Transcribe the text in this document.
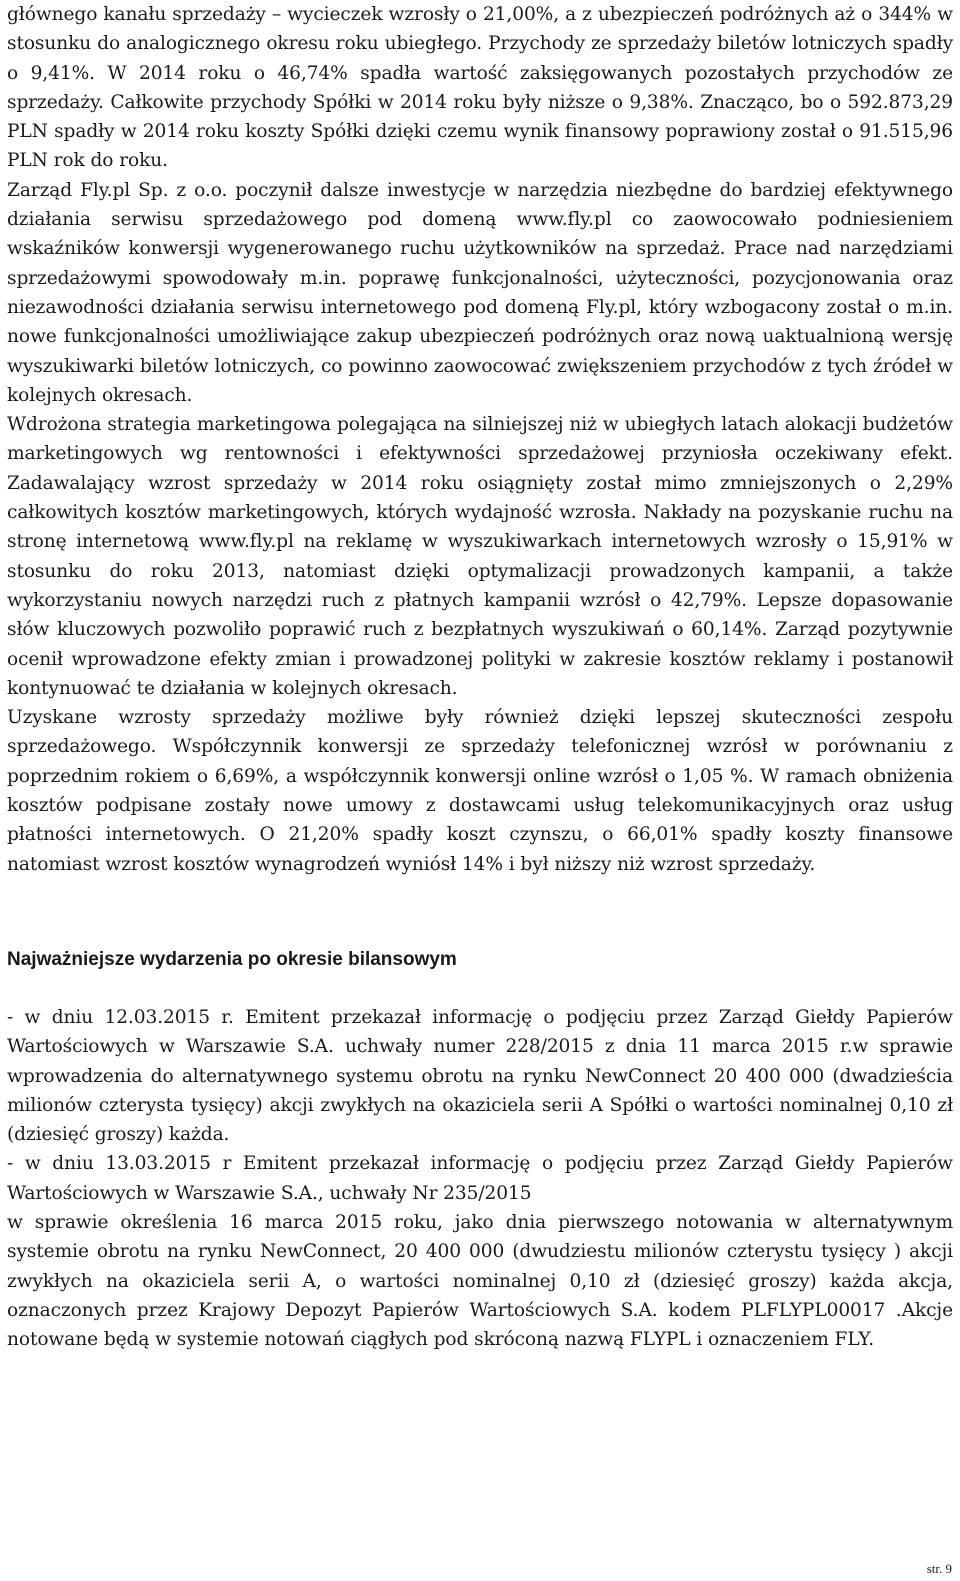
głównego kanału sprzedaży – wycieczek wzrosły o 21,00%, a z ubezpieczeń podróżnych aż o 344% w stosunku do analogicznego okresu roku ubiegłego. Przychody ze sprzedaży biletów lotniczych spadły o 9,41%. W 2014 roku o 46,74% spadła wartość zaksięgowanych pozostałych przychodów ze sprzedaży. Całkowite przychody Spółki w 2014 roku były niższe o 9,38%. Znacząco, bo o 592.873,29 PLN spadły w 2014 roku koszty Spółki dzięki czemu wynik finansowy poprawiony został o 91.515,96 PLN rok do roku.

Zarząd Fly.pl Sp. z o.o. poczynił dalsze inwestycje w narzędzia niezbędne do bardziej efektywnego działania serwisu sprzedażowego pod domeną www.fly.pl co zaowocowało podniesieniem wskaźników konwersji wygenerowanego ruchu użytkowników na sprzedaż. Prace nad narzędziami sprzedażowymi spowodowały m.in. poprawę funkcjonalności, użyteczności, pozycjonowania oraz niezawodności działania serwisu internetowego pod domeną Fly.pl, który wzbogacony został o m.in. nowe funkcjonalności umożliwiające zakup ubezpieczeń podróżnych oraz nową uaktualnioną wersję wyszukiwarki biletów lotniczych, co powinno zaowocować zwiększeniem przychodów z tych źródeł w kolejnych okresach.

Wdrożona strategia marketingowa polegająca na silniejszej niż w ubiegłych latach alokacji budżetów marketingowych wg rentowności i efektywności sprzedażowej przyniosła oczekiwany efekt. Zadawalający wzrost sprzedaży w 2014 roku osiągnięty został mimo zmniejszonych o 2,29% całkowitych kosztów marketingowych, których wydajność wzrosła. Nakłady na pozyskanie ruchu na stronę internetową www.fly.pl na reklamę w wyszukiwarkach internetowych wzrosły o 15,91% w stosunku do roku 2013, natomiast dzięki optymalizacji prowadzonych kampanii, a także wykorzystaniu nowych narzędzi ruch z płatnych kampanii wzrósł o 42,79%. Lepsze dopasowanie słów kluczowych pozwoliło poprawić ruch z bezpłatnych wyszukiwań o 60,14%. Zarząd pozytywnie ocenił wprowadzone efekty zmian i prowadzonej polityki w zakresie kosztów reklamy i postanowił kontynuować te działania w kolejnych okresach.

Uzyskane wzrosty sprzedaży możliwe były również dzięki lepszej skuteczności zespołu sprzedażowego. Współczynnik konwersji ze sprzedaży telefonicznej wzrósł w porównaniu z poprzednim rokiem o 6,69%, a współczynnik konwersji online wzrósł o 1,05 %. W ramach obniżenia kosztów podpisane zostały nowe umowy z dostawcami usług telekomunikacyjnych oraz usług płatności internetowych. O 21,20% spadły koszt czynszu, o 66,01% spadły koszty finansowe natomiast wzrost kosztów wynagrodzeń wyniósł 14% i był niższy niż wzrost sprzedaży.

Najważniejsze wydarzenia po okresie bilansowym

- w dniu 12.03.2015 r. Emitent przekazał informację o podjęciu przez Zarząd Giełdy Papierów Wartościowych w Warszawie S.A. uchwały numer 228/2015 z dnia 11 marca 2015 r.w sprawie wprowadzenia do alternatywnego systemu obrotu na rynku NewConnect 20 400 000 (dwadzieścia milionów czterysta tysięcy) akcji zwykłych na okaziciela serii A Spółki o wartości nominalnej 0,10 zł (dziesięć groszy) każda.

- w dniu 13.03.2015 r Emitent przekazał informację o podjęciu przez Zarząd Giełdy Papierów Wartościowych w Warszawie S.A., uchwały Nr 235/2015

w sprawie określenia 16 marca 2015 roku, jako dnia pierwszego notowania w alternatywnym systemie obrotu na rynku NewConnect, 20 400 000 (dwudziestu milionów czterystu tysięcy ) akcji zwykłych na okaziciela serii A, o wartości nominalnej 0,10 zł (dziesięć groszy) każda akcja, oznaczonych przez Krajowy Depozyt Papierów Wartościowych S.A. kodem PLFLYPL00017 .Akcje notowane będą w systemie notowań ciągłych pod skróconą nazwą FLYPL i oznaczeniem FLY.

str. 9
